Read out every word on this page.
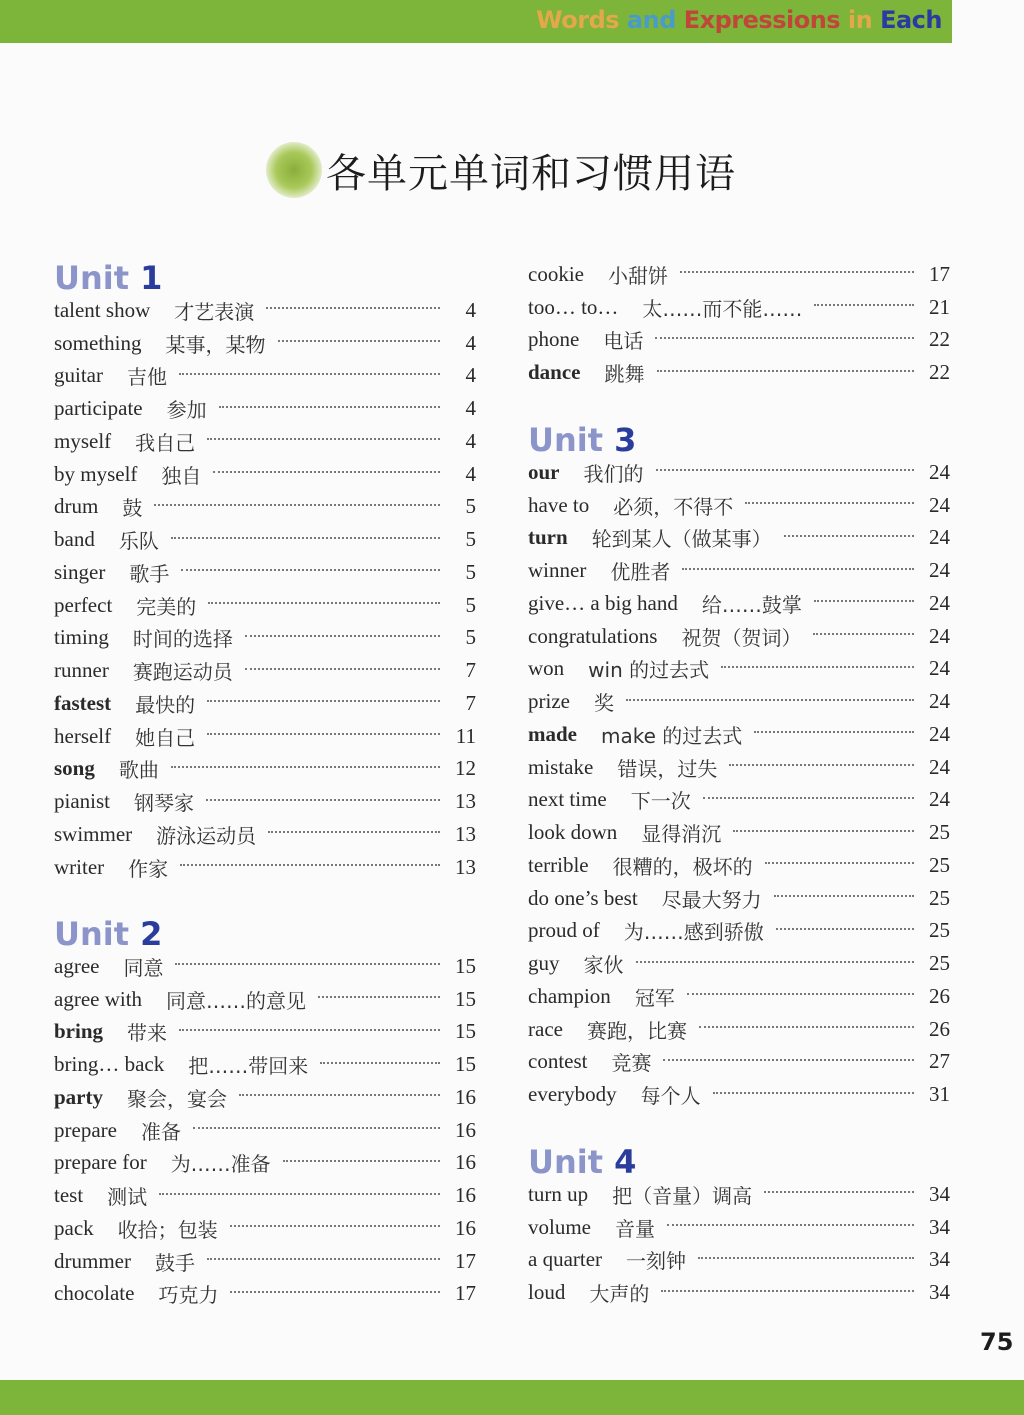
Words and Expressions in Each
各单元单词和习惯用语
Unit 1
talent show 才艺表演	4
something 某事，某物	4
guitar 吉他	4
participate 参加	4
myself 我自己	4
by myself 独自	4
drum 鼓	5
band 乐队	5
singer 歌手	5
perfect 完美的	5
timing 时间的选择	5
runner 赛跑运动员	7
fastest 最快的	7
herself 她自己	11
song 歌曲	12
pianist 钢琴家	13
swimmer 游泳运动员	13
writer 作家	13
Unit 2
agree 同意	15
agree with 同意……的意见	15
bring 带来	15
bring… back 把……带回来	15
party 聚会，宴会	16
prepare 准备	16
prepare for 为……准备	16
test 测试	16
pack 收拾；包装	16
drummer 鼓手	17
chocolate 巧克力	17
cookie 小甜饼	17
too… to… 太……而不能……	21
phone 电话	22
dance 跳舞	22
Unit 3
our 我们的	24
have to 必须，不得不	24
turn 轮到某人（做某事）	24
winner 优胜者	24
give… a big hand 给……鼓掌	24
congratulations 祝贺（贺词）	24
won win 的过去式	24
prize 奖	24
made make 的过去式	24
mistake 错误，过失	24
next time 下一次	24
look down 显得消沉	25
terrible 很糟的，极坏的	25
do one’s best 尽最大努力	25
proud of 为……感到骄傲	25
guy 家伙	25
champion 冠军	26
race 赛跑，比赛	26
contest 竞赛	27
everybody 每个人	31
Unit 4
turn up 把（音量）调高	34
volume 音量	34
a quarter 一刻钟	34
loud 大声的	34
75
